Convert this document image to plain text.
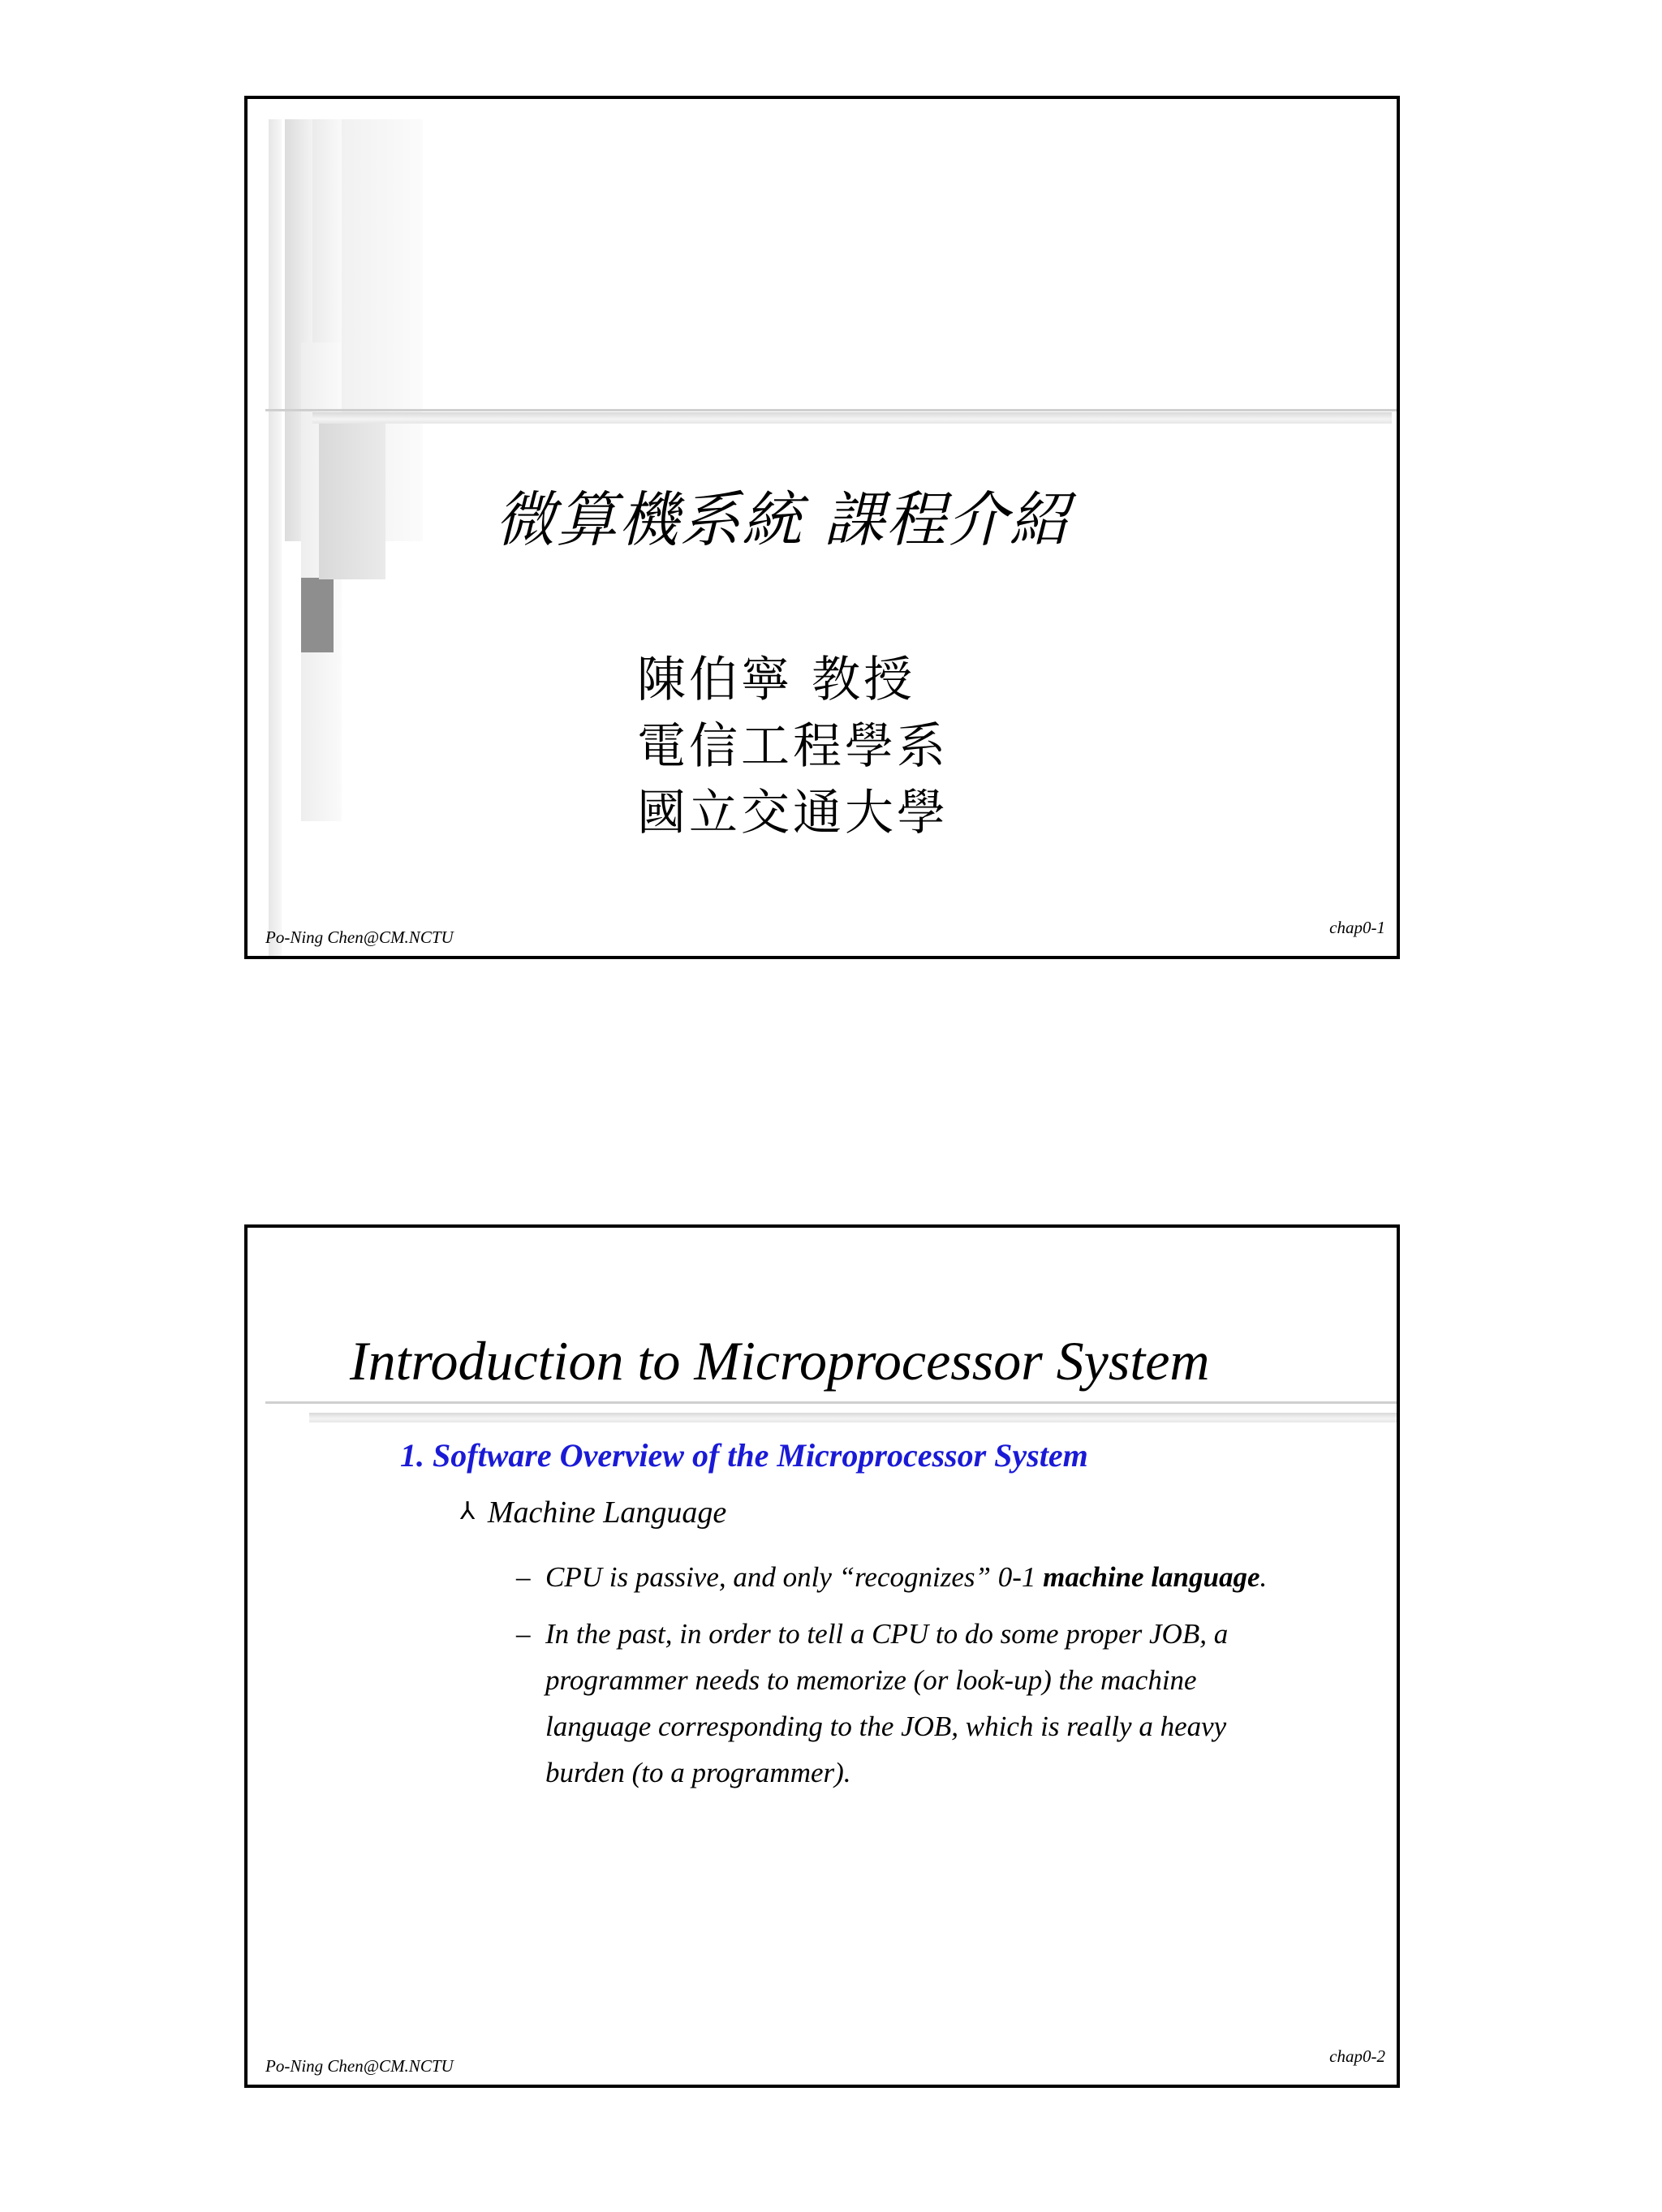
微算機系統 課程介紹
陳伯寧 教授
電信工程學系
國立交通大學
Po-Ning Chen@CM.NCTU	chap0-1
Introduction to Microprocessor System
1. Software Overview of the Microprocessor System
⅄ Machine Language
– CPU is passive, and only “recognizes” 0-1 machine language.
– In the past, in order to tell a CPU to do some proper JOB, a
programmer needs to memorize (or look-up) the machine
language corresponding to the JOB, which is really a heavy
burden (to a programmer).
Po-Ning Chen@CM.NCTU	chap0-2
